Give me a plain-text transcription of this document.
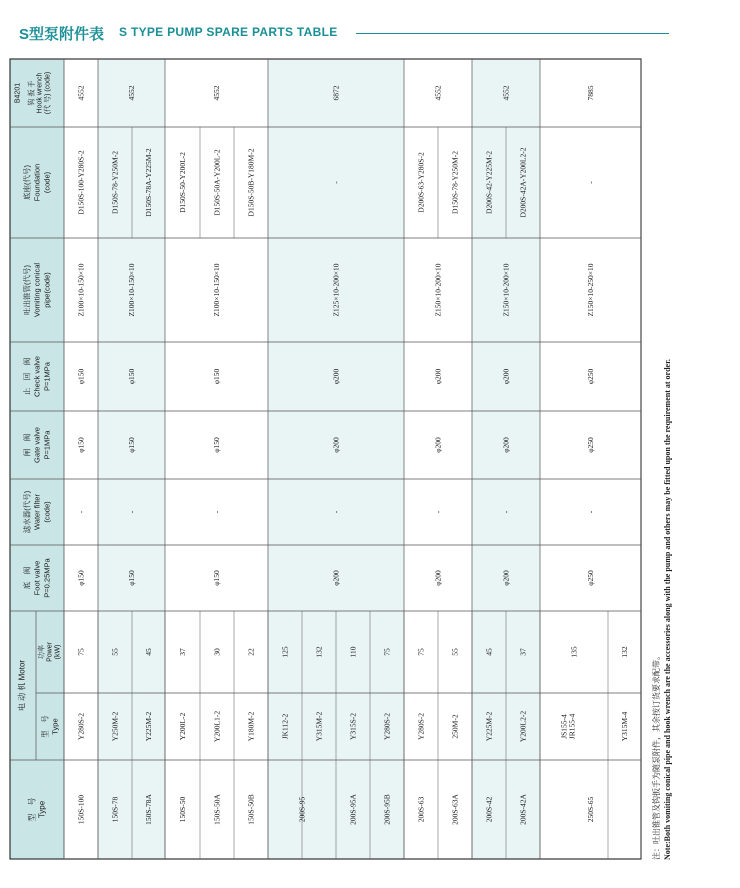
S型泵附件表 S TYPE PUMP SPARE PARTS TABLE
B4201 钩 扳 手 Hook wrench (代 号) (code)
底座(代号) Foundation (code)
吐出锥管(代号) Vomiting conical pipe(code)
止　回　阀 Check valve P=1MPa
闸　阀 Gate valve P=1MPa
滤水器(代号) Water filter (code)
底　阀 Foot valve P=0.25MPa
电 动 机 Motor
功率 Power (kW)
型　号 Type
型　号 Type
4552
Z100×10-150×10
φ150
φ150
-
φ150
75
Y280S-2
D150S-100-Y280S-2
150S-100
4552
Z100×10-150×10
φ150
φ150
-
φ150
55
Y250M-2
D150S-78-Y250M-2
150S-78
45
Y225M-2
D150S-78A-Y225M-2
150S-78A
4552
Z100×10-150×10
φ150
φ150
-
φ150
37
Y200L-2
D150S-50-Y200L-2
150S-50
30
Y200L1-2
D150S-50A-Y200L-2
150S-50A
22
Y180M-2
D150S-50B-Y180M-2
150S-50B
6872
Z125×10-200×10
φ200
φ200
-
φ200
-
125
JK112-2
132
Y315M-2
200S-95
110
Y315S-2
200S-95A
75
Y280S-2
200S-95B
4552
Z150×10-200×10
φ200
φ200
-
φ200
75
Y280S-2
D200S-63-Y280S-2
200S-63
55
250M-2
D150S-78-Y250M-2
200S-63A
4552
Z150×10-200×10
φ200
φ200
-
φ200
45
Y225M-2
D200S-42-Y225M-2
200S-42
37
Y200L2-2
D200S-42A-Y200L2-2
200S-42A
7885
Z150×10-250×10
φ250
φ250
-
φ250
-
135
JS155-4 JR155-4
132
Y315M-4
250S-65	注：吐出锥管及钩扳手为随泵附件，其余按订货要求配带。 Note:Both vomiting conical pipe and hook wrench are the accessories along with the pump and others may be fitted upon the requirement at order.
